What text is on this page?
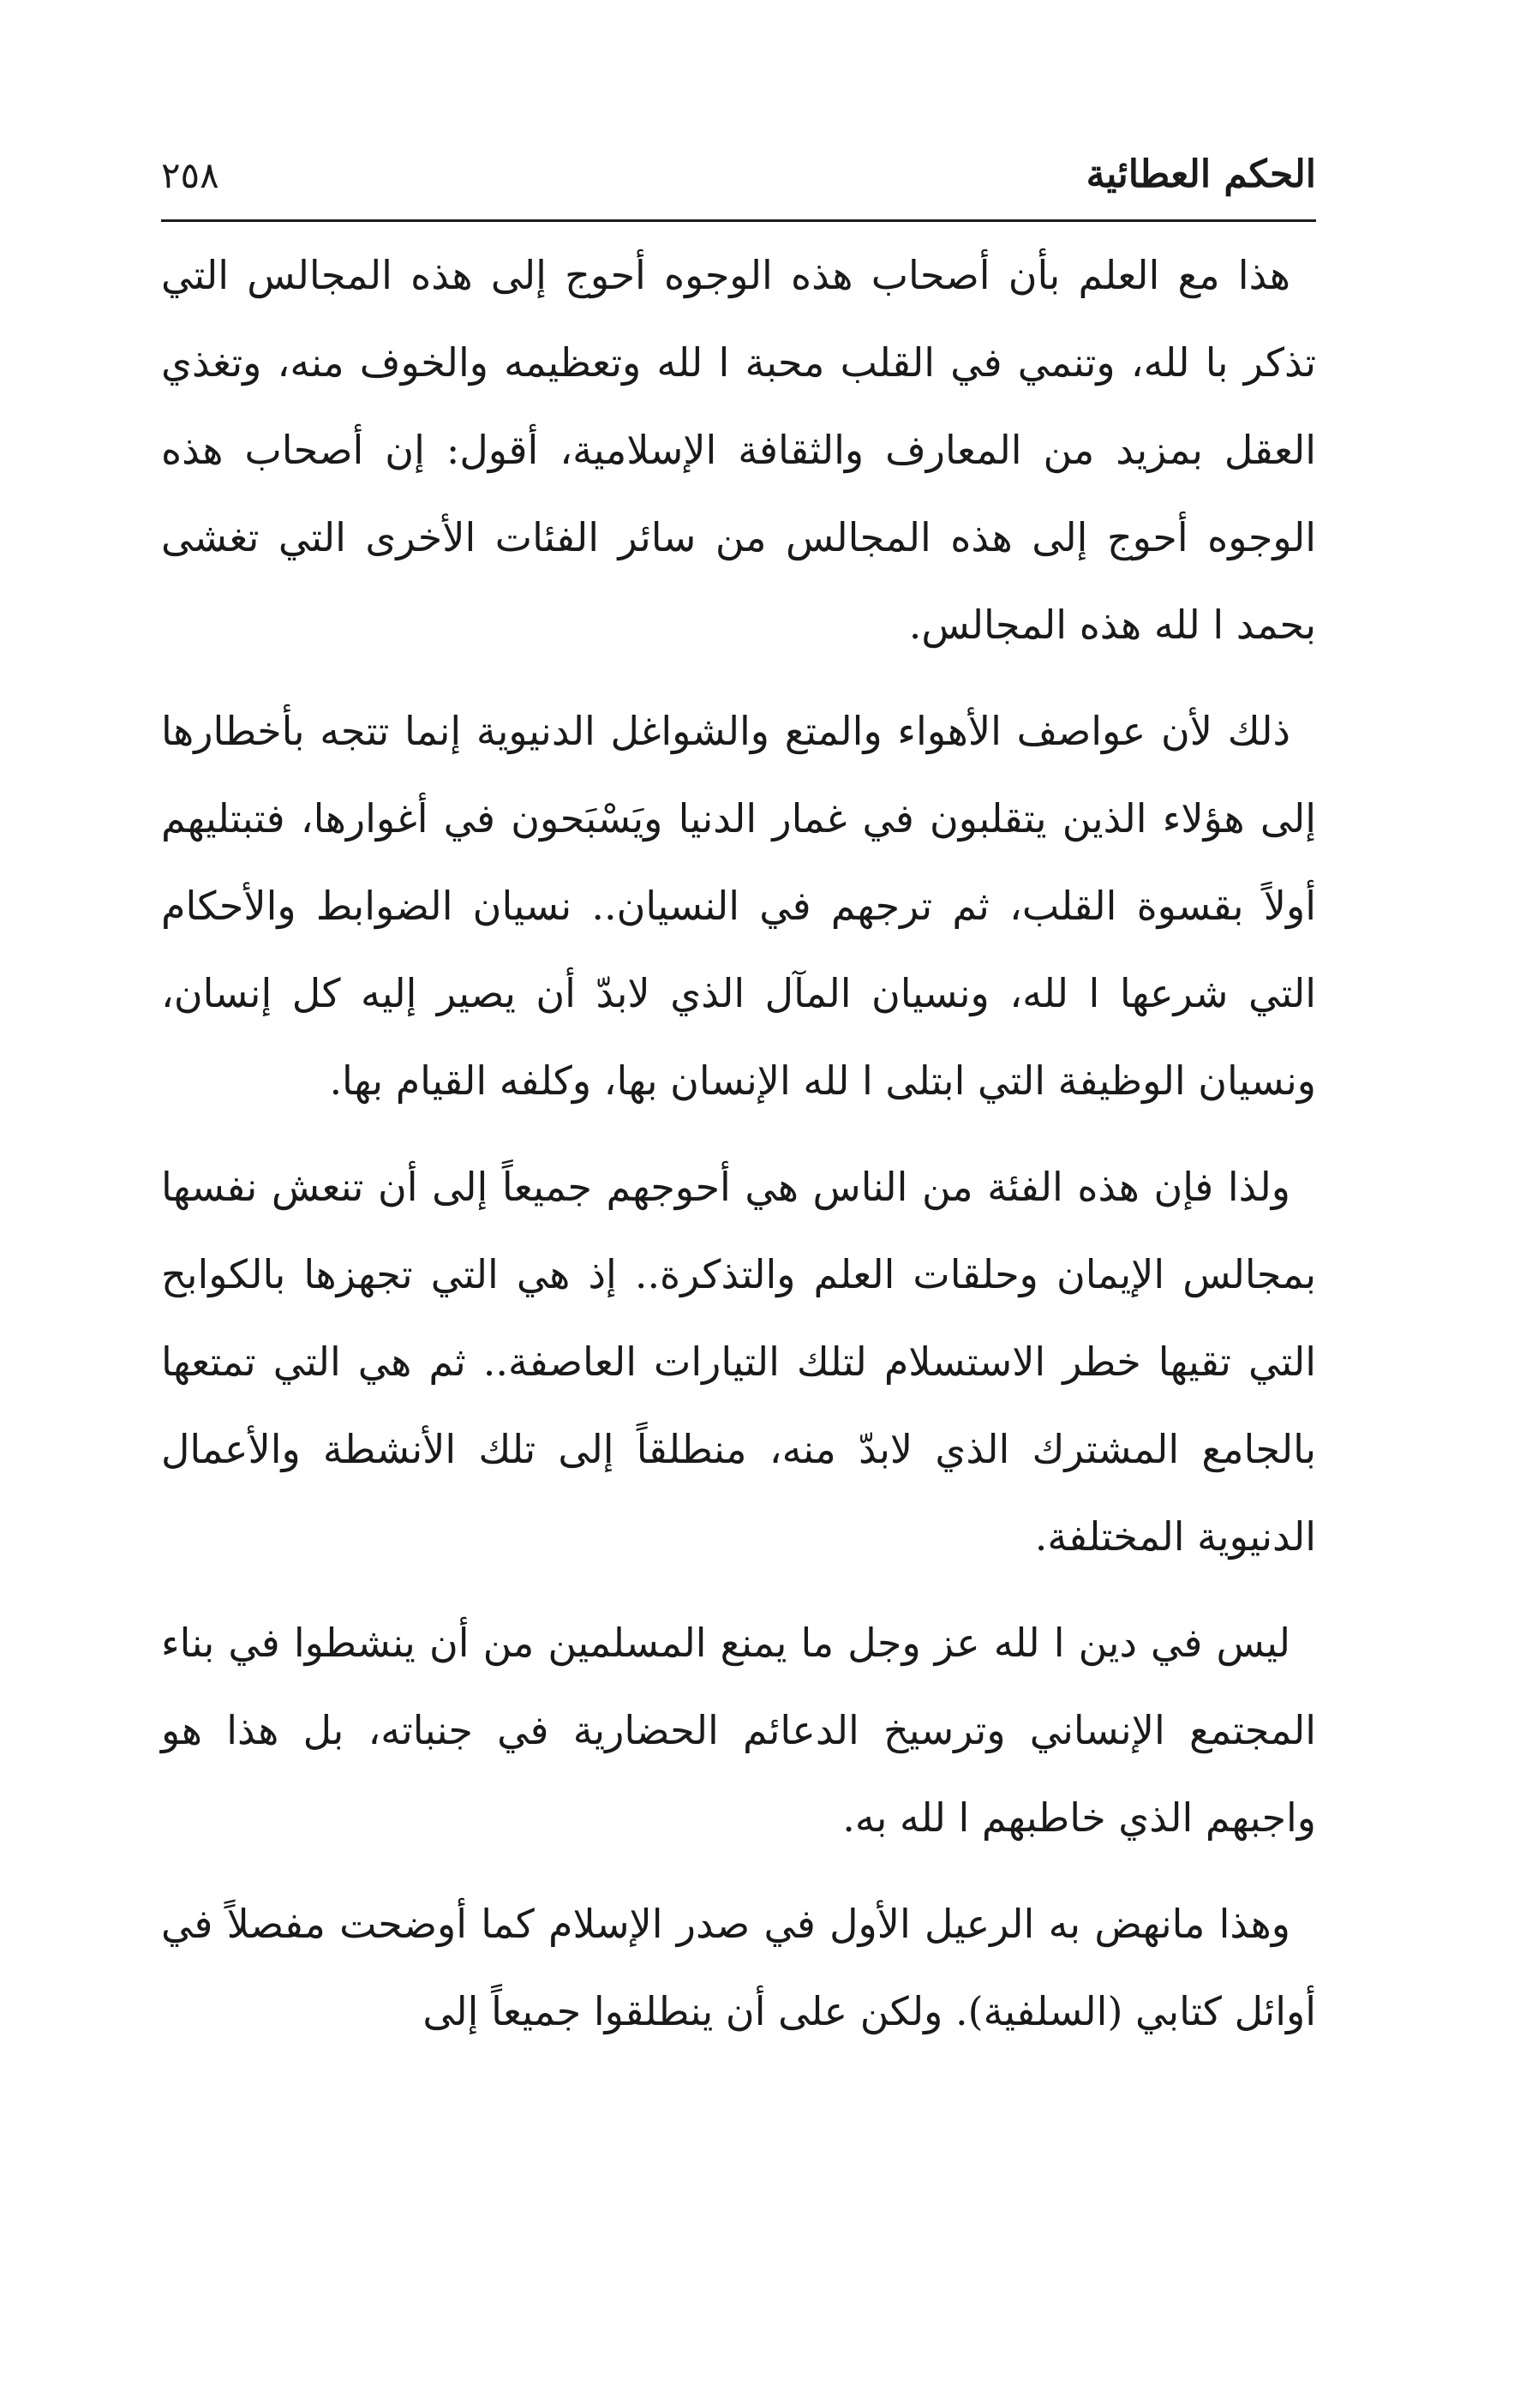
الحكم العطائية
٢٥٨

هذا مع العلم بأن أصحاب هذه الوجوه أحوج إلى هذه المجالس التي تذكر با لله، وتنمي في القلب محبة ا لله وتعظيمه والخوف منه، وتغذي العقل بمزيد من المعارف والثقافة الإسلامية، أقول: إن أصحاب هذه الوجوه أحوج إلى هذه المجالس من سائر الفئات الأخرى التي تغشى بحمد ا لله هذه المجالس.

ذلك لأن عواصف الأهواء والمتع والشواغل الدنيوية إنما تتجه بأخطارها إلى هؤلاء الذين يتقلبون في غمار الدنيا ويَسْبَحون في أغوارها، فتبتليهم أولاً بقسوة القلب، ثم ترجهم في النسيان.. نسيان الضوابط والأحكام التي شرعها ا لله، ونسيان المآل الذي لابدّ أن يصير إليه كل إنسان، ونسيان الوظيفة التي ابتلى ا لله الإنسان بها، وكلفه القيام بها.

ولذا فإن هذه الفئة من الناس هي أحوجهم جميعاً إلى أن تنعش نفسها بمجالس الإيمان وحلقات العلم والتذكرة.. إذ هي التي تجهزها بالكوابح التي تقيها خطر الاستسلام لتلك التيارات العاصفة.. ثم هي التي تمتعها بالجامع المشترك الذي لابدّ منه، منطلقاً إلى تلك الأنشطة والأعمال الدنيوية المختلفة.

ليس في دين ا لله عز وجل ما يمنع المسلمين من أن ينشطوا في بناء المجتمع الإنساني وترسيخ الدعائم الحضارية في جنباته، بل هذا هو واجبهم الذي خاطبهم ا لله به.

وهذا مانهض به الرعيل الأول في صدر الإسلام كما أوضحت مفصلاً في أوائل كتابي (السلفية). ولكن على أن ينطلقوا جميعاً إلى
